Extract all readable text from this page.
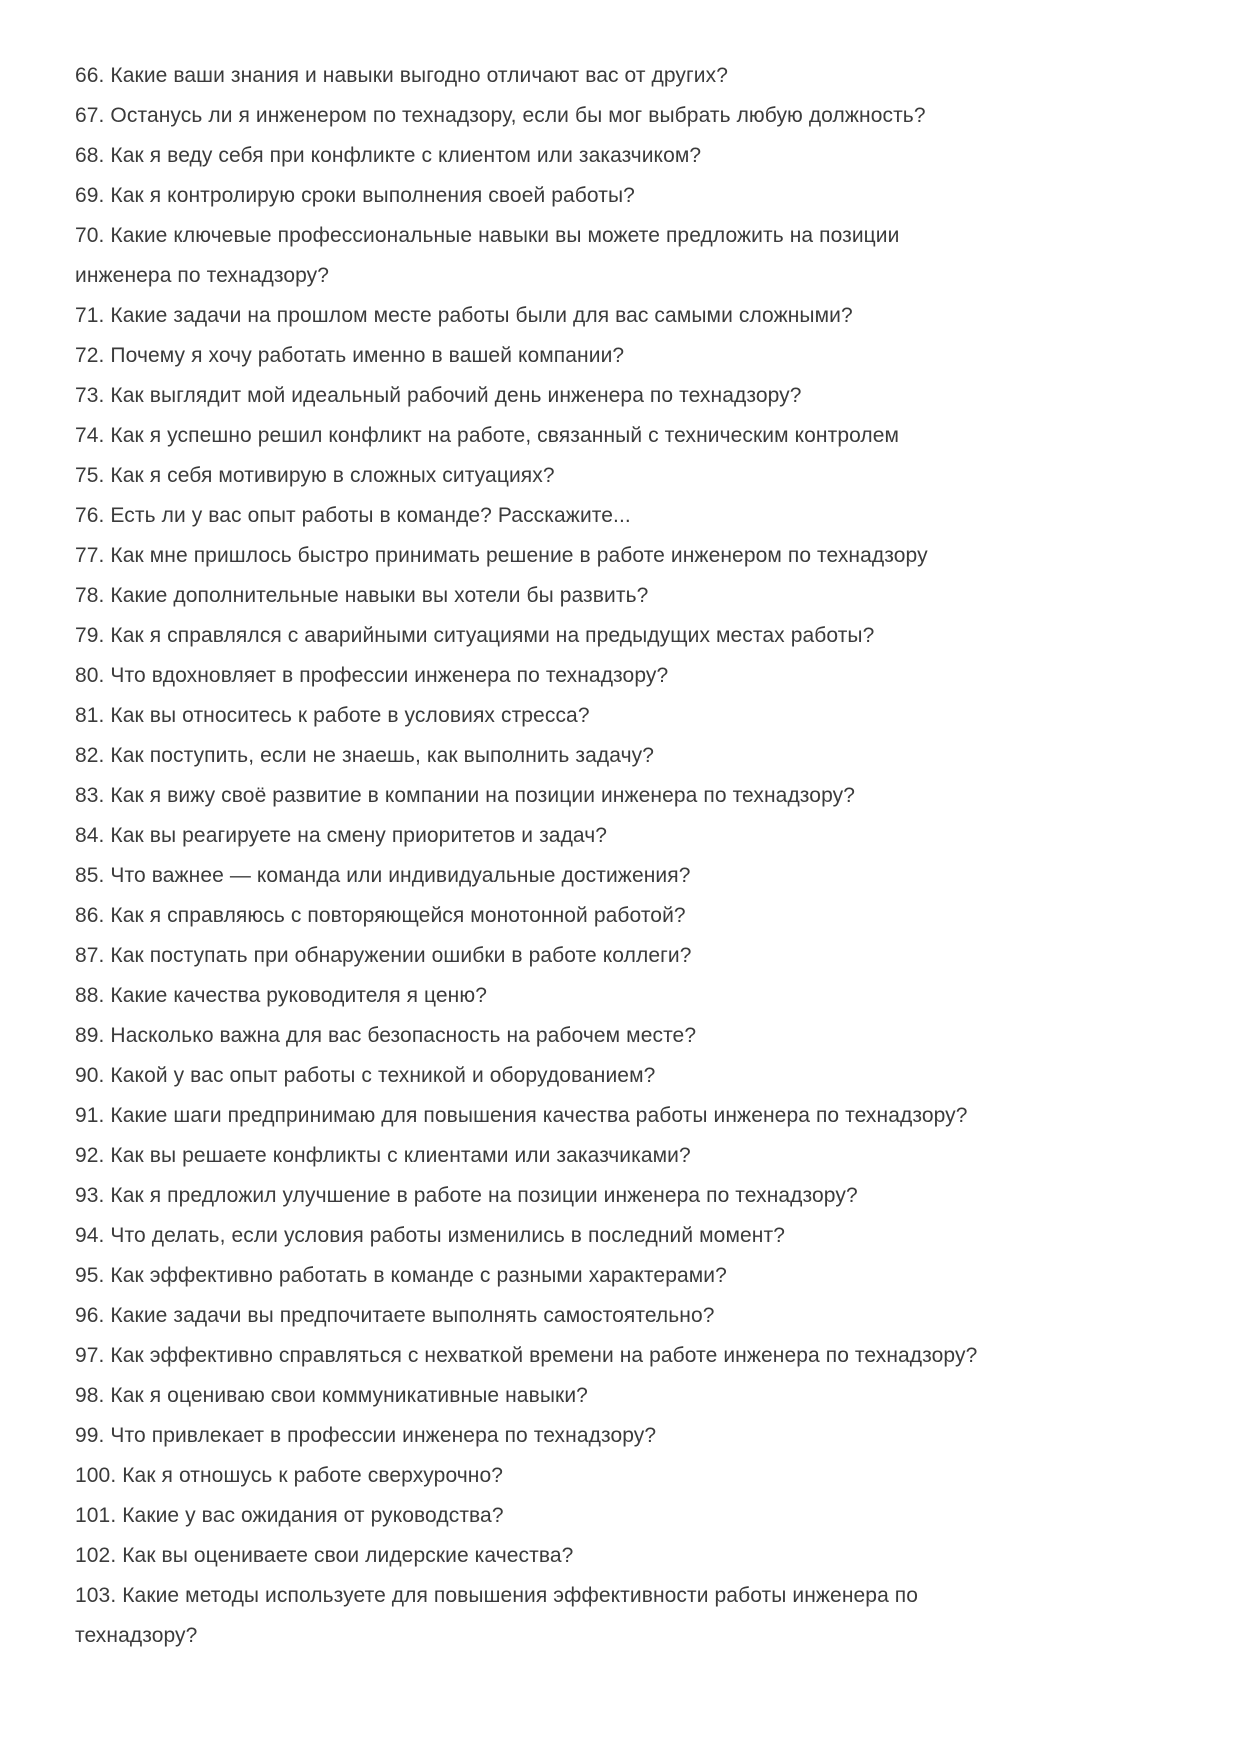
66. Какие ваши знания и навыки выгодно отличают вас от других?

67. Останусь ли я инженером по технадзору, если бы мог выбрать любую должность?

68. Как я веду себя при конфликте с клиентом или заказчиком?

69. Как я контролирую сроки выполнения своей работы?

70. Какие ключевые профессиональные навыки вы можете предложить на позиции
инженера по технадзору?

71. Какие задачи на прошлом месте работы были для вас самыми сложными?

72. Почему я хочу работать именно в вашей компании?

73. Как выглядит мой идеальный рабочий день инженера по технадзору?

74. Как я успешно решил конфликт на работе, связанный с техническим контролем

75. Как я себя мотивирую в сложных ситуациях?

76. Есть ли у вас опыт работы в команде? Расскажите...

77. Как мне пришлось быстро принимать решение в работе инженером по технадзору

78. Какие дополнительные навыки вы хотели бы развить?

79. Как я справлялся с аварийными ситуациями на предыдущих местах работы?

80. Что вдохновляет в профессии инженера по технадзору?

81. Как вы относитесь к работе в условиях стресса?

82. Как поступить, если не знаешь, как выполнить задачу?

83. Как я вижу своё развитие в компании на позиции инженера по технадзору?

84. Как вы реагируете на смену приоритетов и задач?

85. Что важнее — команда или индивидуальные достижения?

86. Как я справляюсь с повторяющейся монотонной работой?

87. Как поступать при обнаружении ошибки в работе коллеги?

88. Какие качества руководителя я ценю?

89. Насколько важна для вас безопасность на рабочем месте?

90. Какой у вас опыт работы с техникой и оборудованием?

91. Какие шаги предпринимаю для повышения качества работы инженера по технадзору?

92. Как вы решаете конфликты с клиентами или заказчиками?

93. Как я предложил улучшение в работе на позиции инженера по технадзору?

94. Что делать, если условия работы изменились в последний момент?

95. Как эффективно работать в команде с разными характерами?

96. Какие задачи вы предпочитаете выполнять самостоятельно?

97. Как эффективно справляться с нехваткой времени на работе инженера по технадзору?

98. Как я оцениваю свои коммуникативные навыки?

99. Что привлекает в профессии инженера по технадзору?

100. Как я отношусь к работе сверхурочно?

101. Какие у вас ожидания от руководства?

102. Как вы оцениваете свои лидерские качества?

103. Какие методы используете для повышения эффективности работы инженера по
технадзору?
